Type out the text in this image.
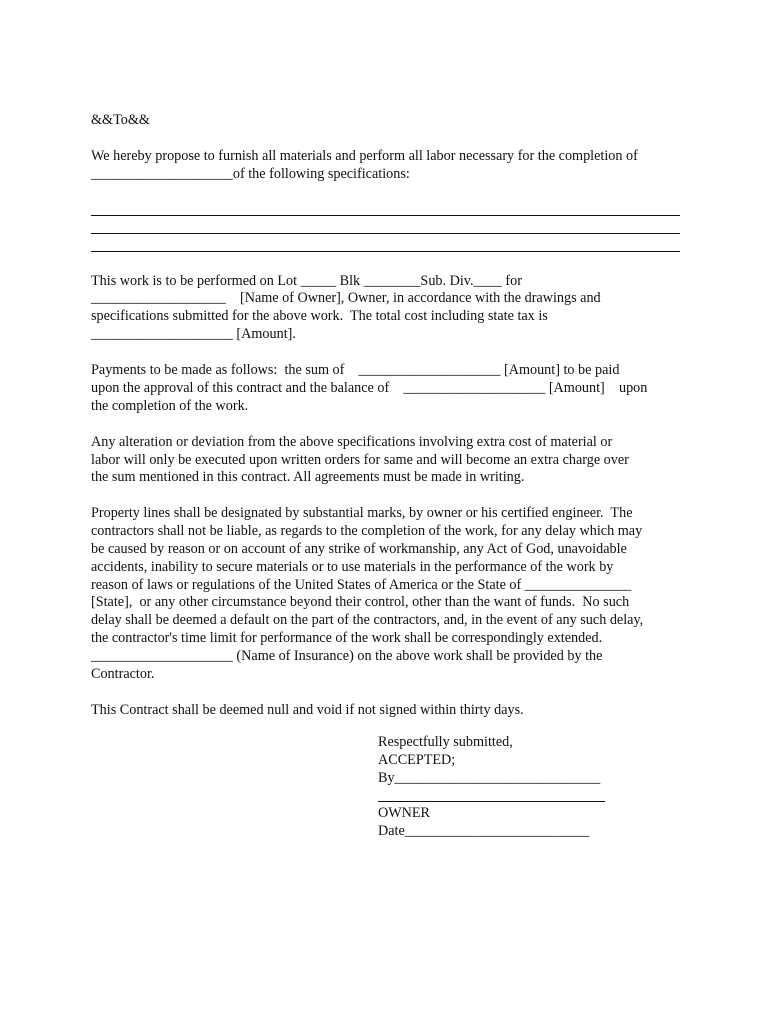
&&To&&
We hereby propose to furnish all materials and perform all labor necessary for the completion of
____________________of the following specifications:
This work is to be performed on Lot _____ Blk ________Sub. Div.____ for
___________________    [Name of Owner], Owner, in accordance with the drawings and
specifications submitted for the above work.  The total cost including state tax is
____________________ [Amount].
Payments to be made as follows:  the sum of    ____________________ [Amount] to be paid
upon the approval of this contract and the balance of    ____________________ [Amount]    upon
the completion of the work.
Any alteration or deviation from the above specifications involving extra cost of material or
labor will only be executed upon written orders for same and will become an extra charge over
the sum mentioned in this contract. All agreements must be made in writing.
Property lines shall be designated by substantial marks, by owner or his certified engineer.  The
contractors shall not be liable, as regards to the completion of the work, for any delay which may
be caused by reason or on account of any strike of workmanship, any Act of God, unavoidable
accidents, inability to secure materials or to use materials in the performance of the work by
reason of laws or regulations of the United States of America or the State of _______________
[State],  or any other circumstance beyond their control, other than the want of funds.  No such
delay shall be deemed a default on the part of the contractors, and, in the event of any such delay,
the contractor's time limit for performance of the work shall be correspondingly extended.
____________________ (Name of Insurance) on the above work shall be provided by the
Contractor.
This Contract shall be deemed null and void if not signed within thirty days.
Respectfully submitted,
ACCEPTED;
By_____________________________
OWNER
Date__________________________
